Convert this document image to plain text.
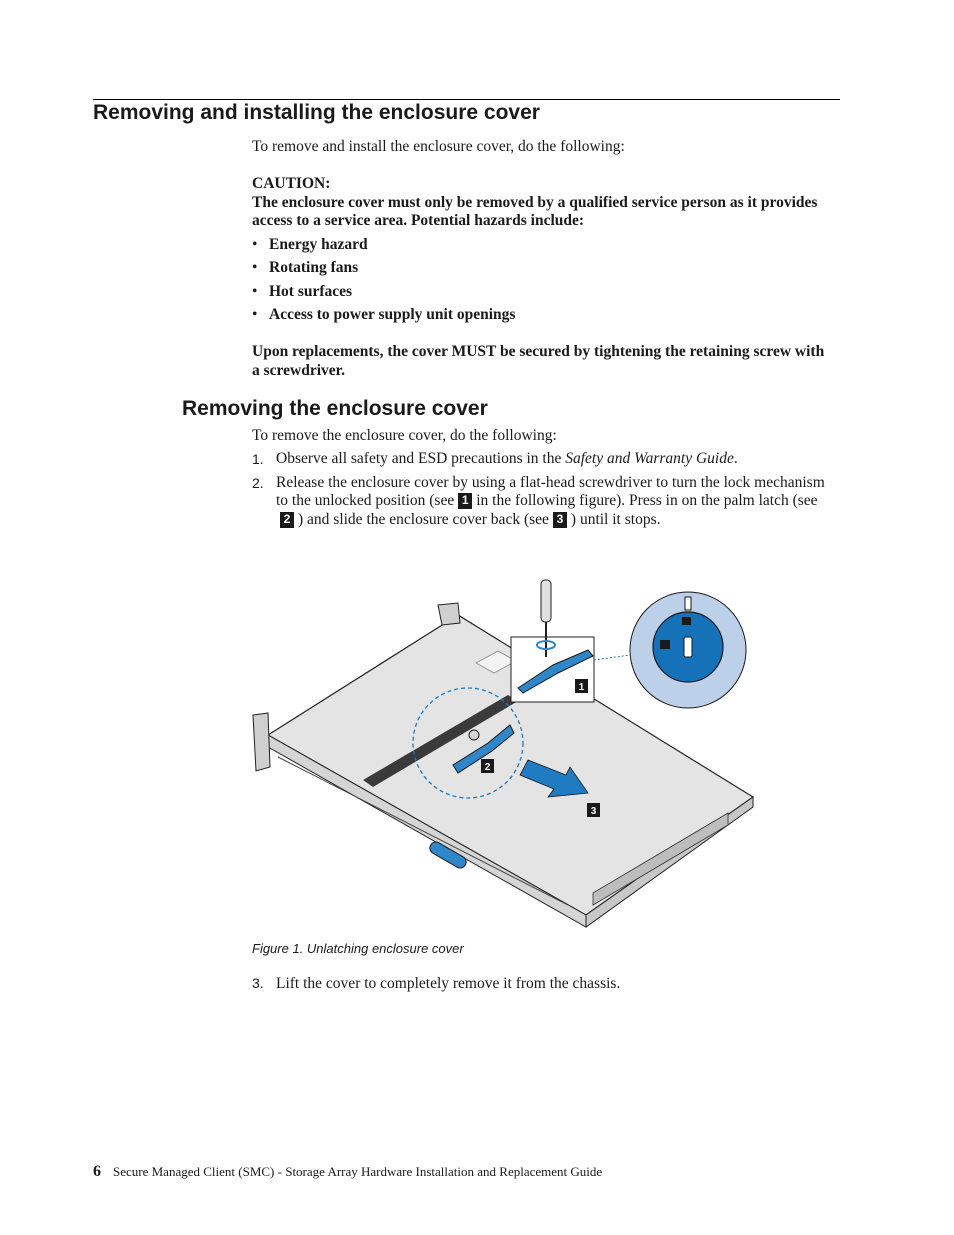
Removing and installing the enclosure cover

To remove and install the enclosure cover, do the following:

CAUTION:
The enclosure cover must only be removed by a qualified service person as it provides access to a service area. Potential hazards include:
• Energy hazard
• Rotating fans
• Hot surfaces
• Access to power supply unit openings

Upon replacements, the cover MUST be secured by tightening the retaining screw with a screwdriver.

Removing the enclosure cover

To remove the enclosure cover, do the following:

1. Observe all safety and ESD precautions in the Safety and Warranty Guide.
2. Release the enclosure cover by using a flat-head screwdriver to turn the lock mechanism to the unlocked position (see 1 in the following figure). Press in on the palm latch (see2 ) and slide the enclosure cover back (see 3 ) until it stops.
1
2
3
Figure 1. Unlatching enclosure cover
3. Lift the cover to completely remove it from the chassis.
6 Secure Managed Client (SMC) - Storage Array Hardware Installation and Replacement Guide
